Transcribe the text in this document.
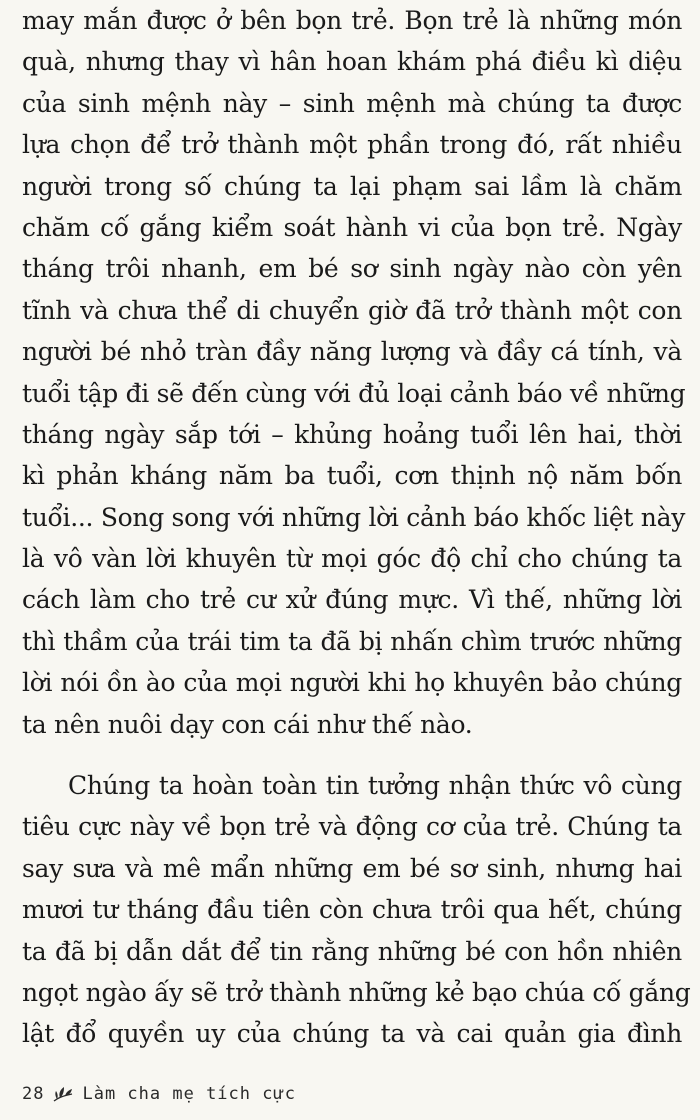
may mắn được ở bên bọn trẻ. Bọn trẻ là những món
quà, nhưng thay vì hân hoan khám phá điều kì diệu
của sinh mệnh này – sinh mệnh mà chúng ta được
lựa chọn để trở thành một phần trong đó, rất nhiều
người trong số chúng ta lại phạm sai lầm là chăm
chăm cố gắng kiểm soát hành vi của bọn trẻ. Ngày
tháng trôi nhanh, em bé sơ sinh ngày nào còn yên
tĩnh và chưa thể di chuyển giờ đã trở thành một con
người bé nhỏ tràn đầy năng lượng và đầy cá tính, và
tuổi tập đi sẽ đến cùng với đủ loại cảnh báo về những
tháng ngày sắp tới – khủng hoảng tuổi lên hai, thời
kì phản kháng năm ba tuổi, cơn thịnh nộ năm bốn
tuổi... Song song với những lời cảnh báo khốc liệt này
là vô vàn lời khuyên từ mọi góc độ chỉ cho chúng ta
cách làm cho trẻ cư xử đúng mực. Vì thế, những lời
thì thầm của trái tim ta đã bị nhấn chìm trước những
lời nói ồn ào của mọi người khi họ khuyên bảo chúng
ta nên nuôi dạy con cái như thế nào.
Chúng ta hoàn toàn tin tưởng nhận thức vô cùng
tiêu cực này về bọn trẻ và động cơ của trẻ. Chúng ta
say sưa và mê mẩn những em bé sơ sinh, nhưng hai
mươi tư tháng đầu tiên còn chưa trôi qua hết, chúng
ta đã bị dẫn dắt để tin rằng những bé con hồn nhiên
ngọt ngào ấy sẽ trở thành những kẻ bạo chúa cố gắng
lật đổ quyền uy của chúng ta và cai quản gia đình
28 Làm cha mẹ tích cực
